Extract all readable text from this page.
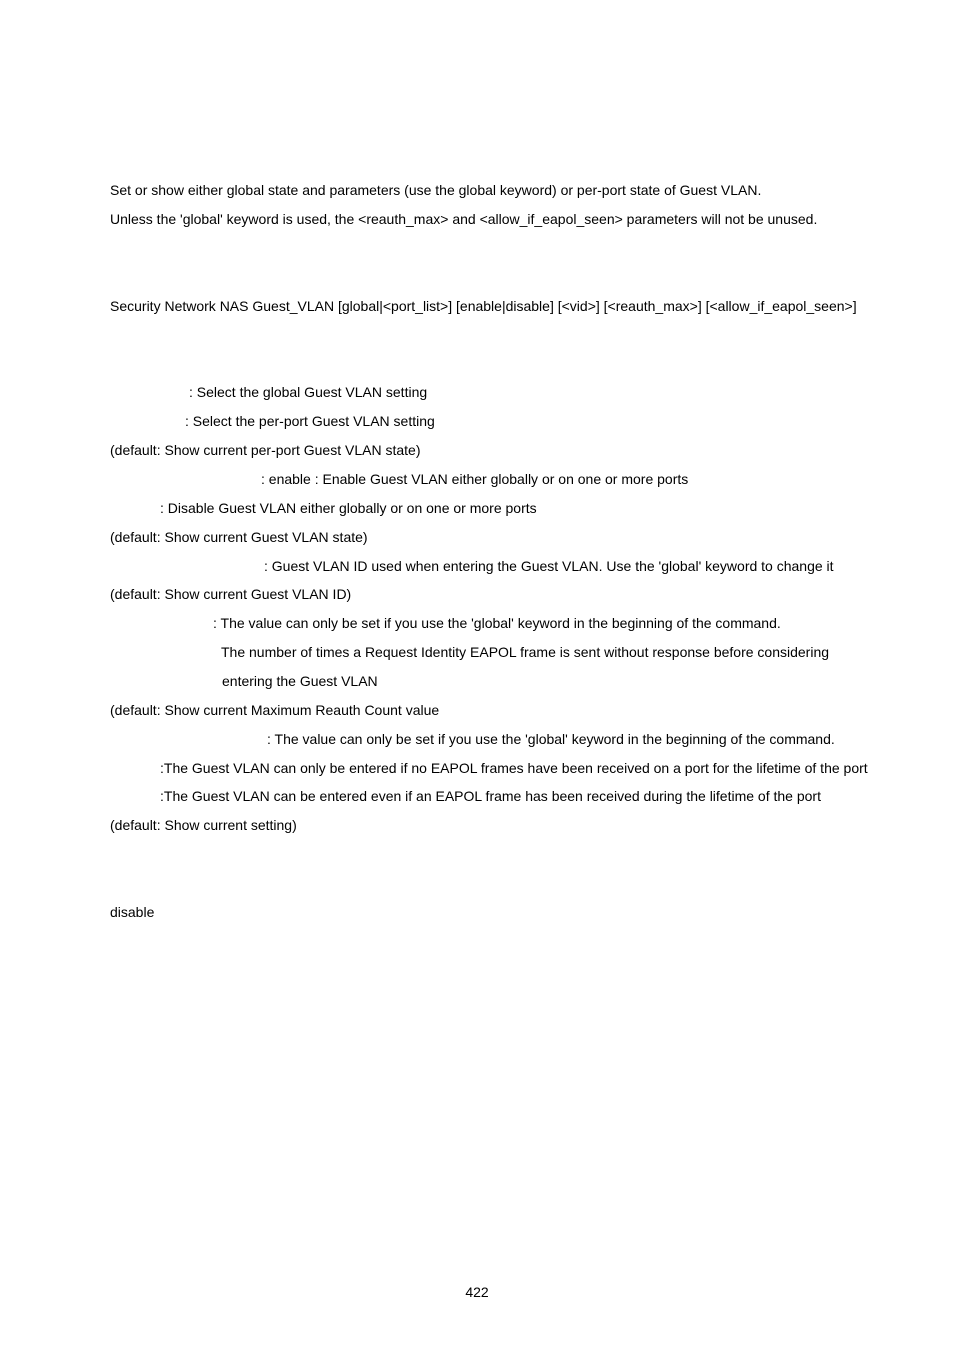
Set or show either global state and parameters (use the global keyword) or per-port state of Guest VLAN.
Unless the 'global' keyword is used, the <reauth_max> and <allow_if_eapol_seen> parameters will not be unused.
Security Network NAS Guest_VLAN [global|<port_list>] [enable|disable] [<vid>] [<reauth_max>] [<allow_if_eapol_seen>]
: Select the global Guest VLAN setting
: Select the per-port Guest VLAN setting
(default: Show current per-port Guest VLAN state)
: enable : Enable Guest VLAN either globally or on one or more ports
: Disable Guest VLAN either globally or on one or more ports
(default: Show current Guest VLAN state)
: Guest VLAN ID used when entering the Guest VLAN. Use the 'global' keyword to change it
(default: Show current Guest VLAN ID)
: The value can only be set if you use the 'global' keyword in the beginning of the command.
The number of times a Request Identity EAPOL frame is sent without response before considering
entering the Guest VLAN
(default: Show current Maximum Reauth Count value
: The value can only be set if you use the 'global' keyword in the beginning of the command.
:The Guest VLAN can only be entered if no EAPOL frames have been received on a port for the lifetime of the port
:The Guest VLAN can be entered even if an EAPOL frame has been received during the lifetime of the port
(default: Show current setting)
disable
422
